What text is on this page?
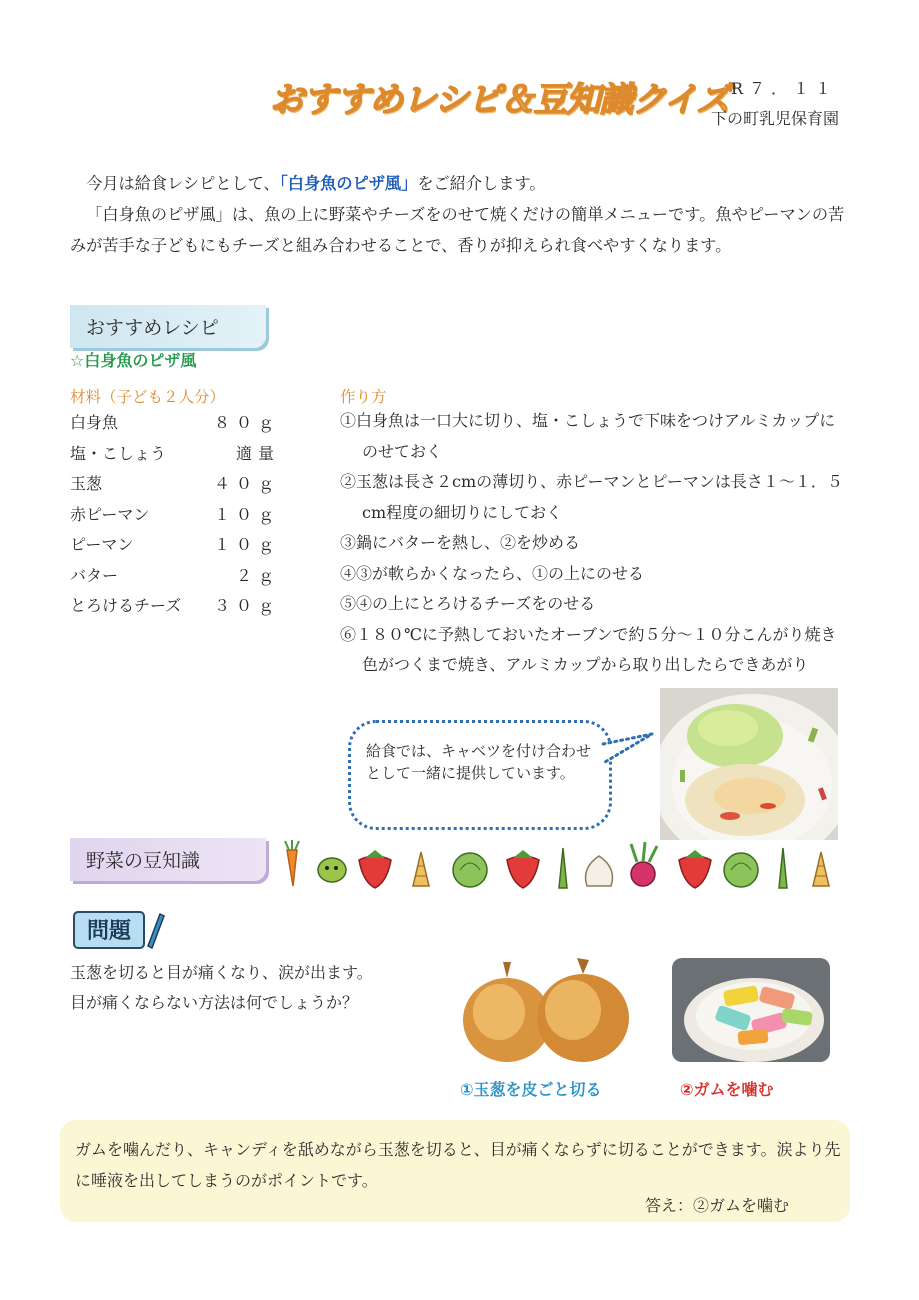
おすすめレシピ＆豆知識クイズ R７．１１
下の町乳児保育園

今月は給食レシピとして、「白身魚のピザ風」をご紹介します。

「白身魚のピザ風」は、魚の上に野菜やチーズをのせて焼くだけの簡単メニューです。魚やピーマンの苦みが苦手な子どもにもチーズと組み合わせることで、香りが抑えられ食べやすくなります。

おすすめレシピ
☆白身魚のピザ風
材料（子ども２人分）
白身魚	８０ｇ
塩・こしょう	適量
玉葱	４０ｇ
赤ピーマン	１０ｇ
ピーマン	１０ｇ
バター	２ｇ
とろけるチーズ ３０ｇ
作り方
①白身魚は一口大に切り、塩・こしょうで下味をつけアルミカップにのせておく
②玉葱は長さ２cmの薄切り、赤ピーマンとピーマンは長さ１～１．５cm程度の細切りにしておく
③鍋にバターを熱し、②を炒める
④③が軟らかくなったら、①の上にのせる
⑤④の上にとろけるチーズをのせる
⑥１８０℃に予熱しておいたオーブンで約５分～１０分こんがり焼き色がつくまで焼き、アルミカップから取り出したらできあがり
給食では、キャベツを付け合わせとして一緒に提供しています。
野菜の豆知識
問題
玉葱を切ると目が痛くなり、涙が出ます。
目が痛くならない方法は何でしょうか？
①玉葱を皮ごと切る	②ガムを噛む
ガムを噛んだり、キャンディを舐めながら玉葱を切ると、目が痛くならずに切ることができます。涙より先に唾液を出してしまうのがポイントです。
答え：②ガムを噛む
